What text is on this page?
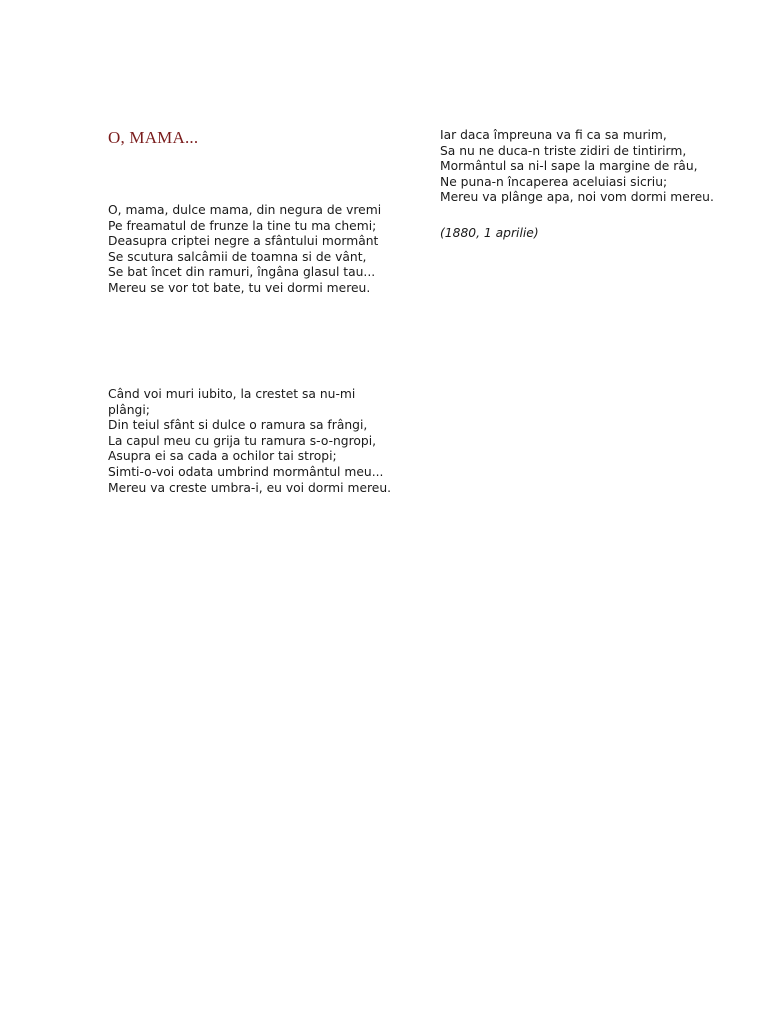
O, MAMA...

O, mama, dulce mama, din negura de vremi
Pe freamatul de frunze la tine tu ma chemi;
Deasupra criptei negre a sfântului mormânt
Se scutura salcâmii de toamna si de vânt,
Se bat încet din ramuri, îngâna glasul tau...
Mereu se vor tot bate, tu vei dormi mereu.

Când voi muri iubito, la crestet sa nu-mi
plângi;
Din teiul sfânt si dulce o ramura sa frângi,
La capul meu cu grija tu ramura s-o-ngropi,
Asupra ei sa cada a ochilor tai stropi;
Simti-o-voi odata umbrind mormântul meu...
Mereu va creste umbra-i, eu voi dormi mereu.

Iar daca împreuna va fi ca sa murim,
Sa nu ne duca-n triste zidiri de tintirirm,
Mormântul sa ni-l sape la margine de râu,
Ne puna-n încaperea aceluiasi sicriu;
Mereu va plânge apa, noi vom dormi mereu.

(1880, 1 aprilie)
